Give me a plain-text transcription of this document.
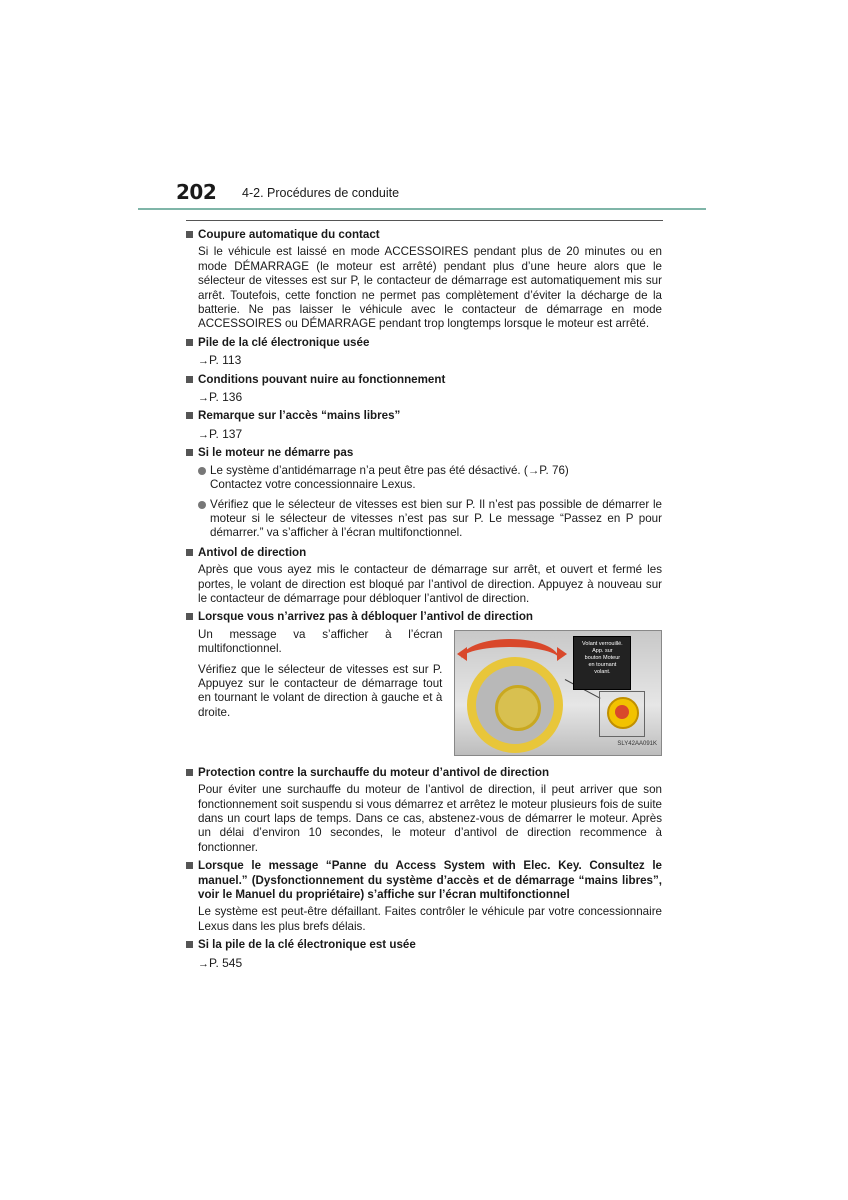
202 4-2. Procédures de conduite
Coupure automatique du contact
Si le véhicule est laissé en mode ACCESSOIRES pendant plus de 20 minutes ou en mode DÉMARRAGE (le moteur est arrêté) pendant plus d’une heure alors que le sélecteur de vitesses est sur P, le contacteur de démarrage est automatiquement mis sur arrêt. Toutefois, cette fonction ne permet pas complètement d’éviter la décharge de la batterie. Ne pas laisser le véhicule avec le contacteur de démarrage en mode ACCESSOIRES ou DÉMARRAGE pendant trop longtemps lorsque le moteur est arrêté.
Pile de la clé électronique usée
→P. 113
Conditions pouvant nuire au fonctionnement
→P. 136
Remarque sur l’accès “mains libres”
→P. 137
Si le moteur ne démarre pas
Le système d’antidémarrage n’a peut être pas été désactivé. (→P. 76)
Contactez votre concessionnaire Lexus.
Vérifiez que le sélecteur de vitesses est bien sur P. Il n’est pas possible de démarrer le moteur si le sélecteur de vitesses n’est pas sur P. Le message “Passez en P pour démarrer.” va s’afficher à l’écran multifonctionnel.
Antivol de direction
Après que vous ayez mis le contacteur de démarrage sur arrêt, et ouvert et fermé les portes, le volant de direction est bloqué par l’antivol de direction. Appuyez à nouveau sur le contacteur de démarrage pour débloquer l’antivol de direction.
Lorsque vous n’arrivez pas à débloquer l’antivol de direction

Un message va s’afficher à l’écran multifonctionnel.

Vérifiez que le sélecteur de vitesses est sur P. Appuyez sur le contacteur de démarrage tout en tournant le volant de direction à gauche et à droite.

Volant verrouillé.
App. sur
bouton Moteur
en tournant
volant.
SLY42AA091K
Protection contre la surchauffe du moteur d’antivol de direction
Pour éviter une surchauffe du moteur de l’antivol de direction, il peut arriver que son fonctionnement soit suspendu si vous démarrez et arrêtez le moteur plusieurs fois de suite dans un court laps de temps. Dans ce cas, abstenez-vous de démarrer le moteur. Après un délai d’environ 10 secondes, le moteur d’antivol de direction recommence à fonctionner.
Lorsque le message “Panne du Access System with Elec. Key. Consultez le manuel.” (Dysfonctionnement du système d’accès et de démarrage “mains libres”, voir le Manuel du propriétaire) s’affiche sur l’écran multifonctionnel
Le système est peut-être défaillant. Faites contrôler le véhicule par votre concessionnaire Lexus dans les plus brefs délais.
Si la pile de la clé électronique est usée
→P. 545
